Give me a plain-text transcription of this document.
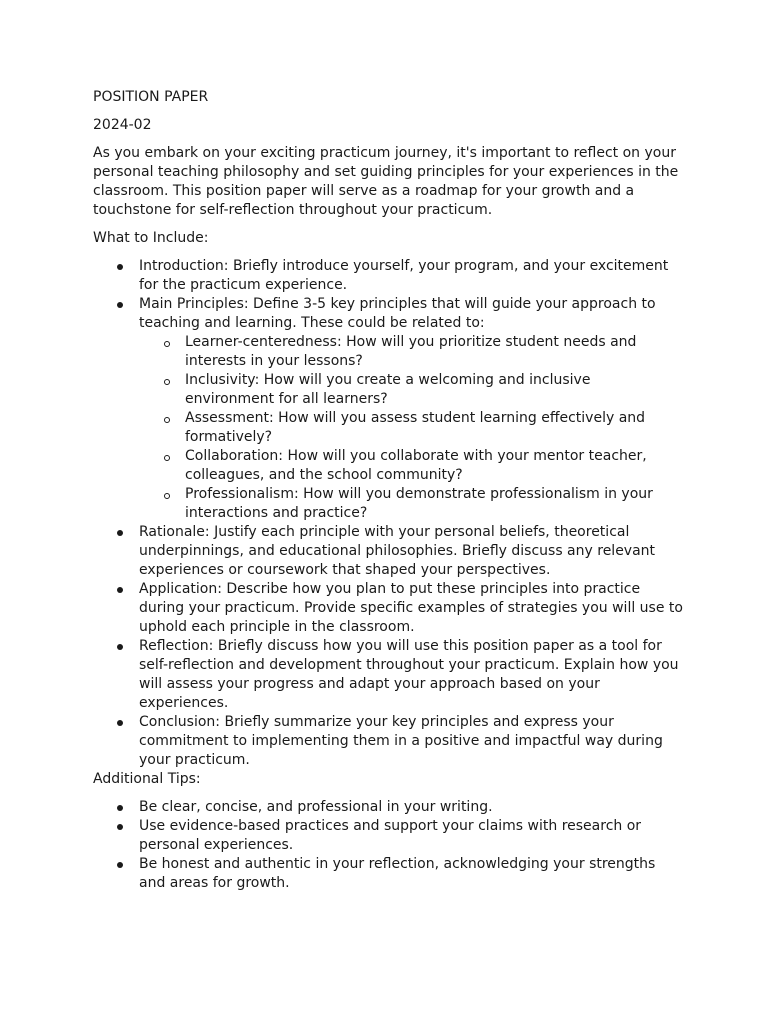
POSITION PAPER

2024-02

As you embark on your exciting practicum journey, it's important to reflect on your personal teaching philosophy and set guiding principles for your experiences in the classroom. This position paper will serve as a roadmap for your growth and a touchstone for self-reflection throughout your practicum.

What to Include:

Introduction: Briefly introduce yourself, your program, and your excitement for the practicum experience.
Main Principles: Define 3-5 key principles that will guide your approach to teaching and learning. These could be related to:
Learner-centeredness: How will you prioritize student needs and interests in your lessons?
Inclusivity: How will you create a welcoming and inclusive environment for all learners?
Assessment: How will you assess student learning effectively and formatively?
Collaboration: How will you collaborate with your mentor teacher, colleagues, and the school community?
Professionalism: How will you demonstrate professionalism in your interactions and practice?
Rationale: Justify each principle with your personal beliefs, theoretical underpinnings, and educational philosophies. Briefly discuss any relevant experiences or coursework that shaped your perspectives.
Application: Describe how you plan to put these principles into practice during your practicum. Provide specific examples of strategies you will use to uphold each principle in the classroom.
Reflection: Briefly discuss how you will use this position paper as a tool for self-reflection and development throughout your practicum. Explain how you will assess your progress and adapt your approach based on your experiences.
Conclusion: Briefly summarize your key principles and express your commitment to implementing them in a positive and impactful way during your practicum.

Additional Tips:

Be clear, concise, and professional in your writing.
Use evidence-based practices and support your claims with research or personal experiences.
Be honest and authentic in your reflection, acknowledging your strengths and areas for growth.
